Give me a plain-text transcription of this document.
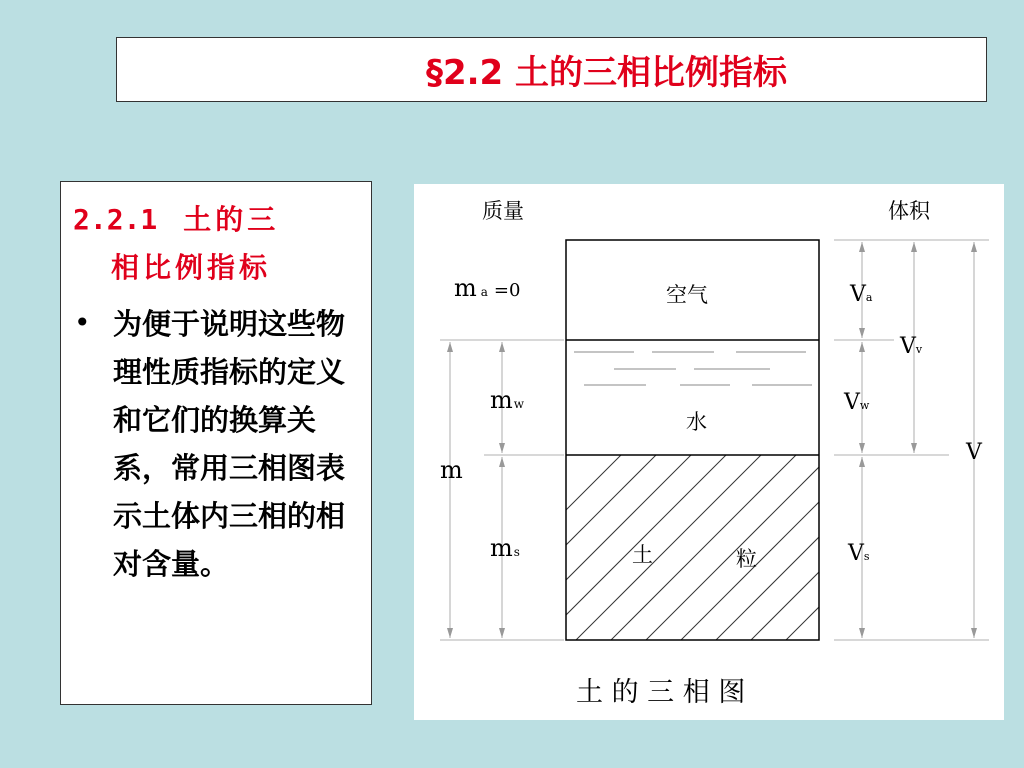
§2.2 土的三相比例指标
2.2.1 土的三
相比例指标
• 为便于说明这些物理性质指标的定义和它们的换算关系，常用三相图表示土体内三相的相对含量。
质量	体积
空气
水
土	粒
ma =0
mw
m
ms
Va
Vv
Vw
V
Vs
土 的 三 相 图
